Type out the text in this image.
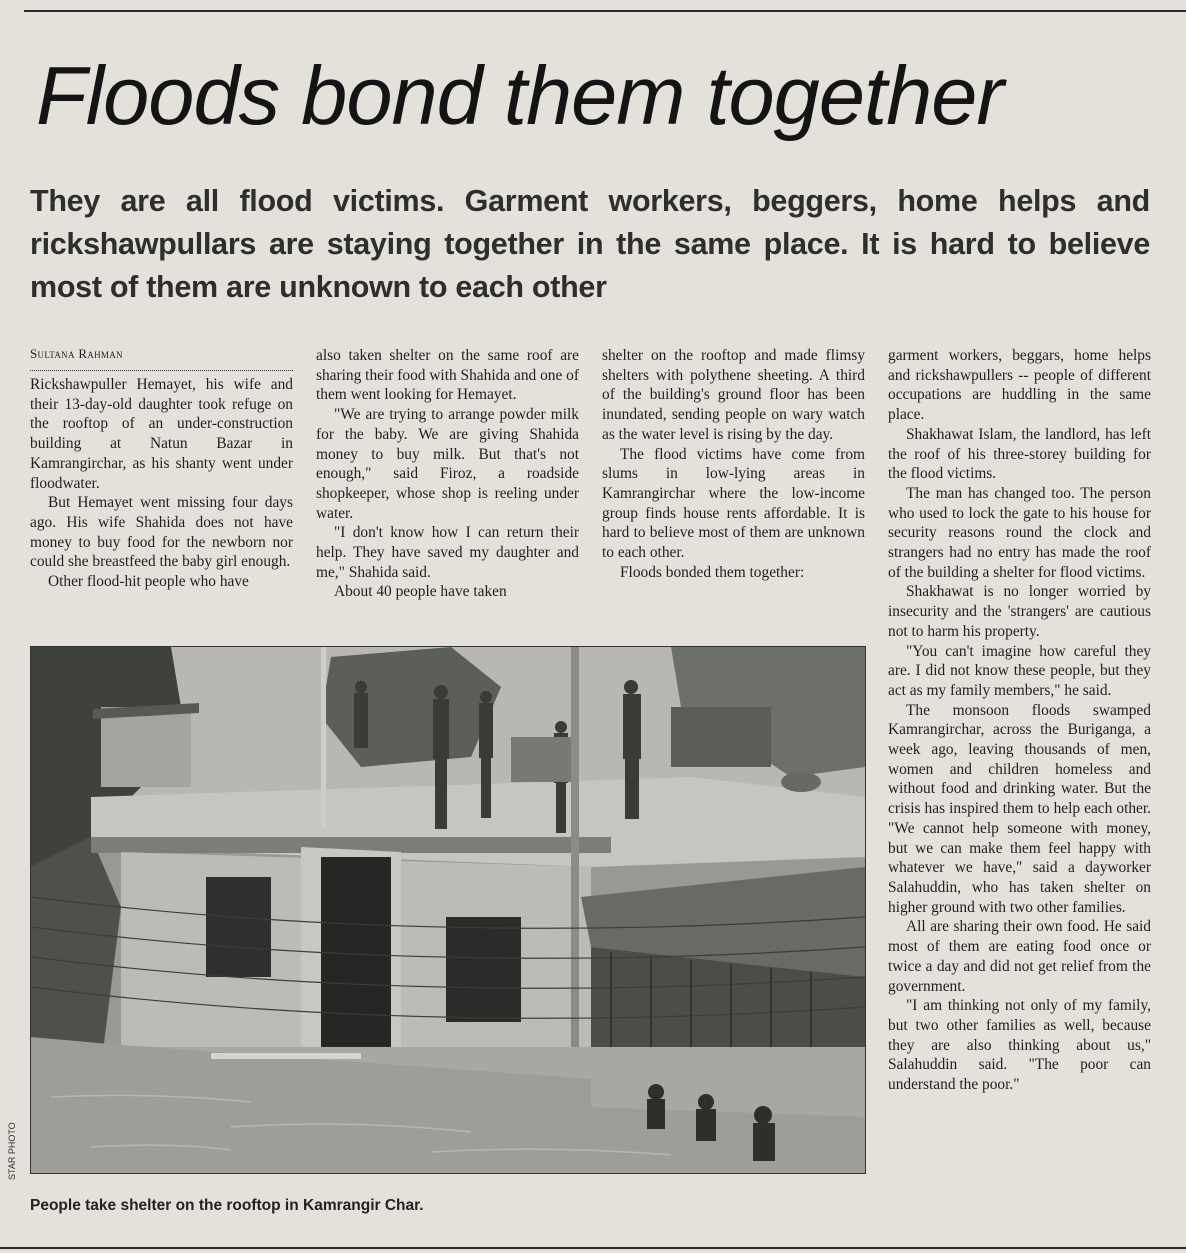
Floods bond them together

They are all flood victims. Garment workers, beggers, home helps and rickshawpullars are staying together in the same place. It is hard to believe most of them are unknown to each other

Sultana Rahman

Rickshawpuller Hemayet, his wife and their 13-day-old daughter took refuge on the rooftop of an under-construction building at Natun Bazar in Kamrangirchar, as his shanty went under floodwater.

But Hemayet went missing four days ago. His wife Shahida does not have money to buy food for the newborn nor could she breastfeed the baby girl enough.

Other flood-hit people who have

also taken shelter on the same roof are sharing their food with Shahida and one of them went looking for Hemayet.

"We are trying to arrange powder milk for the baby. We are giving Shahida money to buy milk. But that's not enough," said Firoz, a roadside shopkeeper, whose shop is reeling under water.

"I don't know how I can return their help. They have saved my daughter and me," Shahida said.

About 40 people have taken

shelter on the rooftop and made flimsy shelters with polythene sheeting. A third of the building's ground floor has been inundated, sending people on wary watch as the water level is rising by the day.

The flood victims have come from slums in low-lying areas in Kamrangirchar where the low-income group finds house rents affordable. It is hard to believe most of them are unknown to each other.

Floods bonded them together:

garment workers, beggars, home helps and rickshawpullers -- people of different occupations are huddling in the same place.

Shakhawat Islam, the landlord, has left the roof of his three-storey building for the flood victims.

The man has changed too. The person who used to lock the gate to his house for security reasons round the clock and strangers had no entry has made the roof of the building a shelter for flood victims.

Shakhawat is no longer worried by insecurity and the 'strangers' are cautious not to harm his property.

"You can't imagine how careful they are. I did not know these people, but they act as my family members," he said.

The monsoon floods swamped Kamrangirchar, across the Buriganga, a week ago, leaving thousands of men, women and children homeless and without food and drinking water. But the crisis has inspired them to help each other. "We cannot help someone with money, but we can make them feel happy with whatever we have," said a dayworker Salahuddin, who has taken shelter on higher ground with two other families.

All are sharing their own food. He said most of them are eating food once or twice a day and did not get relief from the government.

"I am thinking not only of my family, but two other families as well, because they are also thinking about us," Salahuddin said. "The poor can understand the poor."

STAR PHOTO

People take shelter on the rooftop in Kamrangir Char.
